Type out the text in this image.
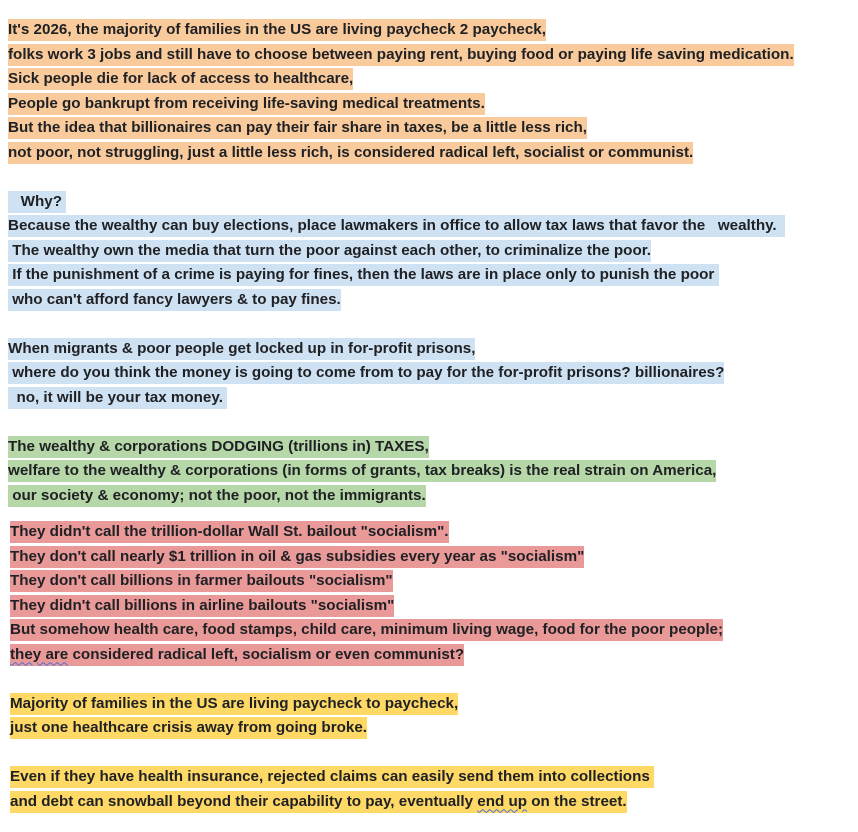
It's 2026, the majority of families in the US are living paycheck 2 paycheck,
folks work 3 jobs and still have to choose between paying rent, buying food or paying life saving medication.
Sick people die for lack of access to healthcare,
People go bankrupt from receiving life-saving medical treatments.
But the idea that billionaires can pay their fair share in taxes, be a little less rich,
not poor, not struggling, just a little less rich, is considered radical left, socialist or communist.
Why?
Because the wealthy can buy elections, place lawmakers in office to allow tax laws that favor the   wealthy.
The wealthy own the media that turn the poor against each other, to criminalize the poor.
If the punishment of a crime is paying for fines, then the laws are in place only to punish the poor
who can't afford fancy lawyers & to pay fines.
When migrants & poor people get locked up in for-profit prisons,
where do you think the money is going to come from to pay for the for-profit prisons? billionaires?
no, it will be your tax money.
The wealthy & corporations DODGING (trillions in) TAXES,
welfare to the wealthy & corporations (in forms of grants, tax breaks) is the real strain on America,
our society & economy; not the poor, not the immigrants.
They didn't call the trillion-dollar Wall St. bailout "socialism".
They don't call nearly $1 trillion in oil & gas subsidies every year as "socialism"
They don't call billions in farmer bailouts "socialism"
They didn't call billions in airline bailouts "socialism"
But somehow health care, food stamps, child care, minimum living wage, food for the poor people;
they are considered radical left, socialism or even communist?
Majority of families in the US are living paycheck to paycheck,
just one healthcare crisis away from going broke.
Even if they have health insurance, rejected claims can easily send them into collections
and debt can snowball beyond their capability to pay, eventually end up on the street.
